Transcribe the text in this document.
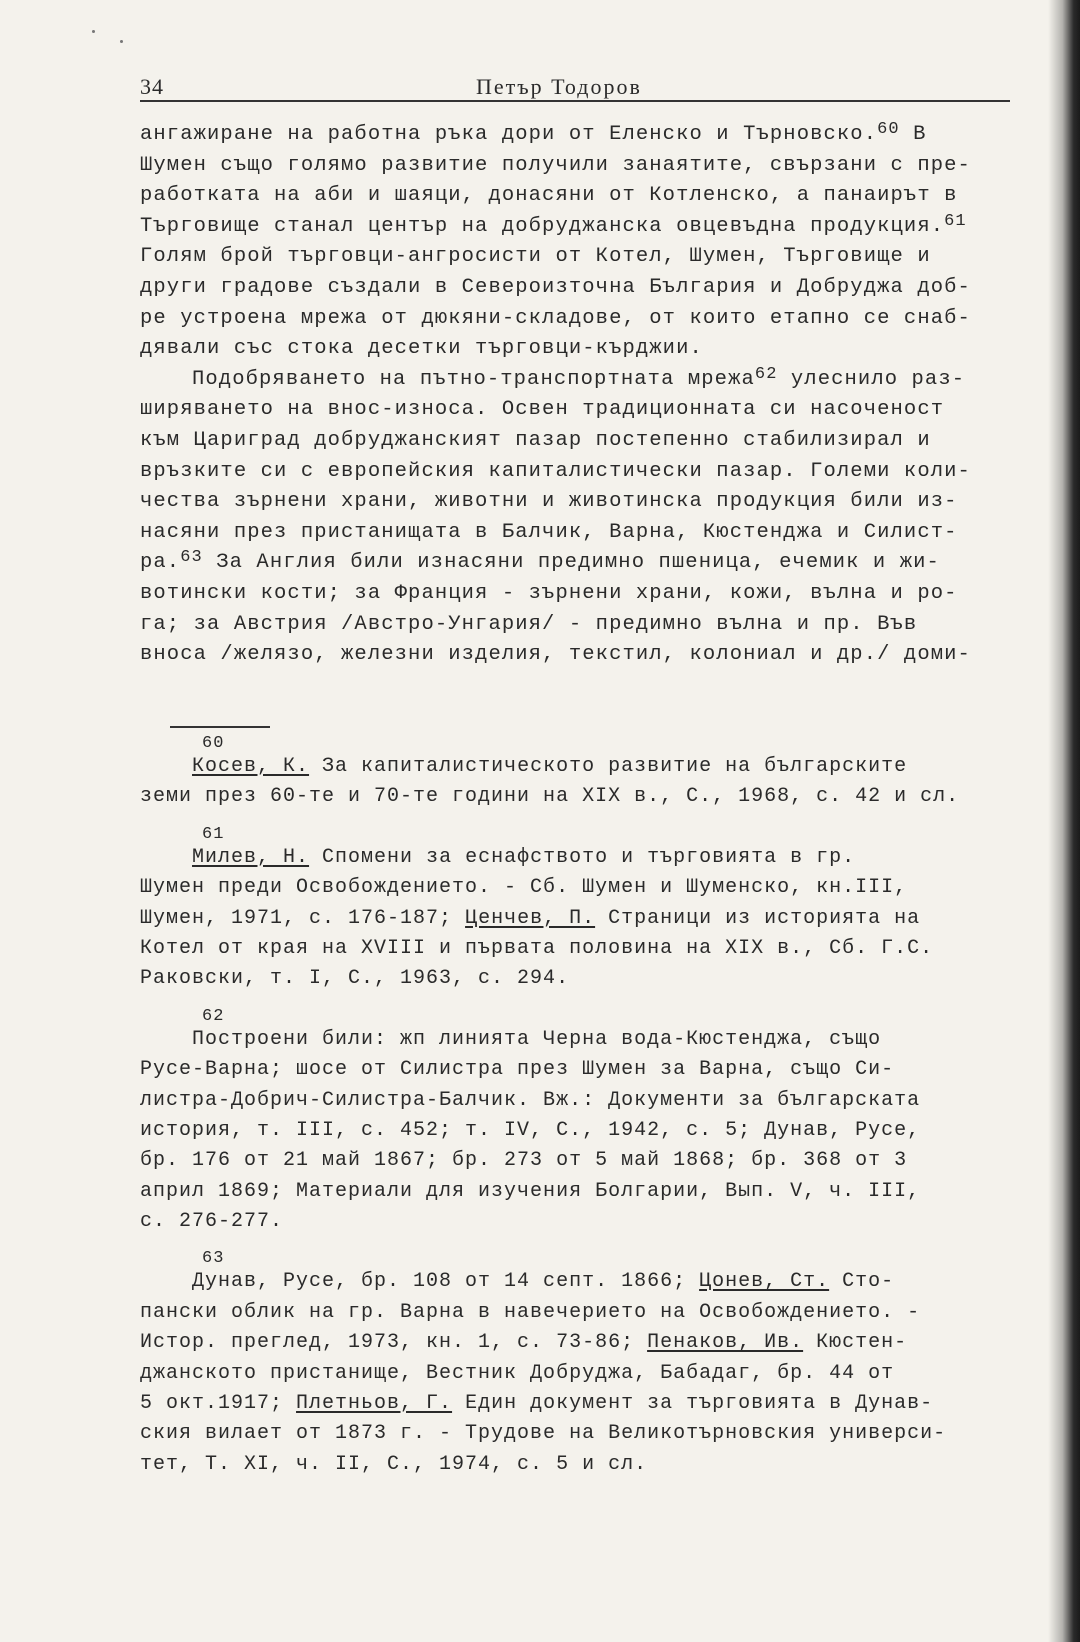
34	Петър Тодоров
ангажиране на работна ръка дори от Еленско и Търновско.$^{60}$ В
Шумен също голямо развитие получили занаятите, свързани с пре-
работката на аби и шаяци, донасяни от Котленско, а панаирът в
Търговище станал център на добруджанска овцевъдна продукция.$^{61}$
Голям брой търговци-ангросисти от Котел, Шумен, Търговище и
други градове създали в Североизточна България и Добруджа доб-
ре устроена мрежа от дюкяни-складове, от които етапно се снаб-
дявали със стока десетки търговци-кърджии.
Подобряването на пътно-транспортната мрежа$^{62}$ улеснило раз-
ширяването на внос-износа. Освен традиционната си насоченост
към Цариград добруджанският пазар постепенно стабилизирал и
връзките си с европейския капиталистически пазар. Големи коли-
чества зърнени храни, животни и животинска продукция били из-
насяни през пристанищата в Балчик, Варна, Кюстенджа и Силист-
ра.$^{63}$ За Англия били изнасяни предимно пшеница, ечемик и жи-
вотински кости; за Франция - зърнени храни, кожи, вълна и ро-
га; за Австрия /Австро-Унгария/ - предимно вълна и пр. Във
вноса /желязо, железни изделия, текстил, колониал и др./ доми-
60
Косев, К. За капиталистическото развитие на българските
земи през 60-те и 70-те години на XIX в., С., 1968, с. 42 и сл.
61
Милев, Н. Спомени за еснафството и търговията в гр.
Шумен преди Освобождението. - Сб. Шумен и Шуменско, кн.III,
Шумен, 1971, с. 176-187; Ценчев, П. Страници из историята на
Котел от края на XVIII и първата половина на XIX в., Сб. Г.С.
Раковски, т. I, С., 1963, с. 294.
62
Построени били: жп линията Черна вода-Кюстенджа, също
Русе-Варна; шосе от Силистра през Шумен за Варна, също Си-
листра-Добрич-Силистра-Балчик. Вж.: Документи за българската
история, т. III, с. 452; т. IV, С., 1942, с. 5; Дунав, Русе,
бр. 176 от 21 май 1867; бр. 273 от 5 май 1868; бр. 368 от 3
април 1869; Материали для изучения Болгарии, Вып. V, ч. III,
с. 276-277.
63
Дунав, Русе, бр. 108 от 14 септ. 1866; Цонев, Ст. Сто-
пански облик на гр. Варна в навечерието на Освобождението. -
Истор. преглед, 1973, кн. 1, с. 73-86; Пенаков, Ив. Кюстен-
джанското пристанище, Вестник Добруджа, Бабадаг, бр. 44 от
5 окт.1917; Плетньов, Г. Един документ за търговията в Дунав-
ския вилает от 1873 г. - Трудове на Великотърновския универси-
тет, Т. XI, ч. II, С., 1974, с. 5 и сл.
